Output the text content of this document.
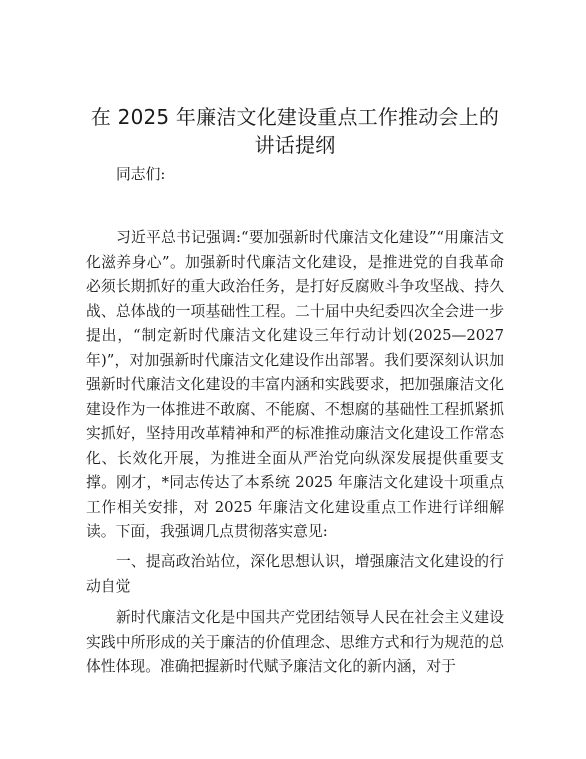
在 2025 年廉洁文化建设重点工作推动会上的讲话提纲

同志们:

习近平总书记强调:“要加强新时代廉洁文化建设”“用廉洁文化滋养身心”。加强新时代廉洁文化建设，是推进党的自我革命必须长期抓好的重大政治任务，是打好反腐败斗争攻坚战、持久战、总体战的一项基础性工程。二十届中央纪委四次全会进一步提出，“制定新时代廉洁文化建设三年行动计划(2025—2027 年)”，对加强新时代廉洁文化建设作出部署。我们要深刻认识加强新时代廉洁文化建设的丰富内涵和实践要求，把加强廉洁文化建设作为一体推进不敢腐、不能腐、不想腐的基础性工程抓紧抓实抓好，坚持用改革精神和严的标准推动廉洁文化建设工作常态化、长效化开展，为推进全面从严治党向纵深发展提供重要支撑。刚才，*同志传达了本系统 2025 年廉洁文化建设十项重点工作相关安排，对 2025 年廉洁文化建设重点工作进行详细解读。下面，我强调几点贯彻落实意见:

一、提高政治站位，深化思想认识，增强廉洁文化建设的行动自觉

新时代廉洁文化是中国共产党团结领导人民在社会主义建设实践中所形成的关于廉洁的价值理念、思维方式和行为规范的总体性体现。准确把握新时代赋予廉洁文化的新内涵，对于
